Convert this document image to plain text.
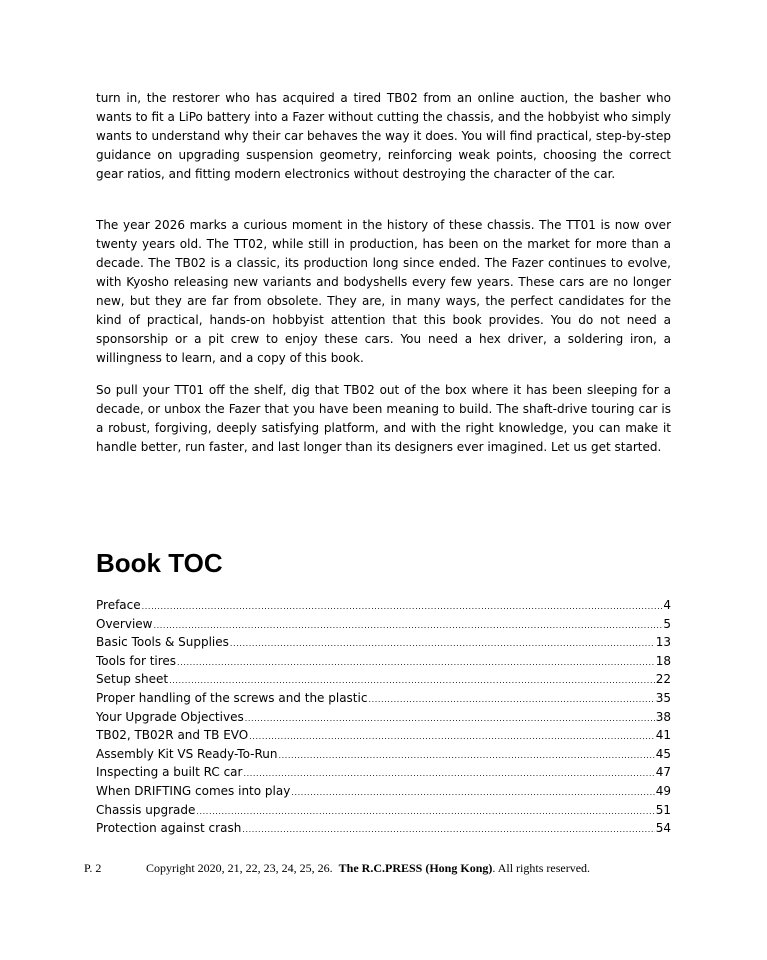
turn in, the restorer who has acquired a tired TB02 from an online auction, the basher who wants to fit a LiPo battery into a Fazer without cutting the chassis, and the hobbyist who simply wants to understand why their car behaves the way it does. You will find practical, step-by-step guidance on upgrading suspension geometry, reinforcing weak points, choosing the correct gear ratios, and fitting modern electronics without destroying the character of the car.

The year 2026 marks a curious moment in the history of these chassis. The TT01 is now over twenty years old. The TT02, while still in production, has been on the market for more than a decade. The TB02 is a classic, its production long since ended. The Fazer continues to evolve, with Kyosho releasing new variants and bodyshells every few years. These cars are no longer new, but they are far from obsolete. They are, in many ways, the perfect candidates for the kind of practical, hands-on hobbyist attention that this book provides. You do not need a sponsorship or a pit crew to enjoy these cars. You need a hex driver, a soldering iron, a willingness to learn, and a copy of this book.

So pull your TT01 off the shelf, dig that TB02 out of the box where it has been sleeping for a decade, or unbox the Fazer that you have been meaning to build. The shaft-drive touring car is a robust, forgiving, deeply satisfying platform, and with the right knowledge, you can make it handle better, run faster, and last longer than its designers ever imagined. Let us get started.

Book TOC
Preface .....	4
Overview .....	5
Basic Tools & Supplies .....	13
Tools for tires .....	18
Setup sheet .....	22
Proper handling of the screws and the plastic .....	35
Your Upgrade Objectives .....	38
TB02, TB02R and TB EVO .....	41
Assembly Kit VS Ready-To-Run .....	45
Inspecting a built RC car .....	47
When DRIFTING comes into play .....	49
Chassis upgrade .....	51
Protection against crash .....	54
P. 2	Copyright 2020, 21, 22, 23, 24, 25, 26. The R.C.PRESS (Hong Kong). All rights reserved.
